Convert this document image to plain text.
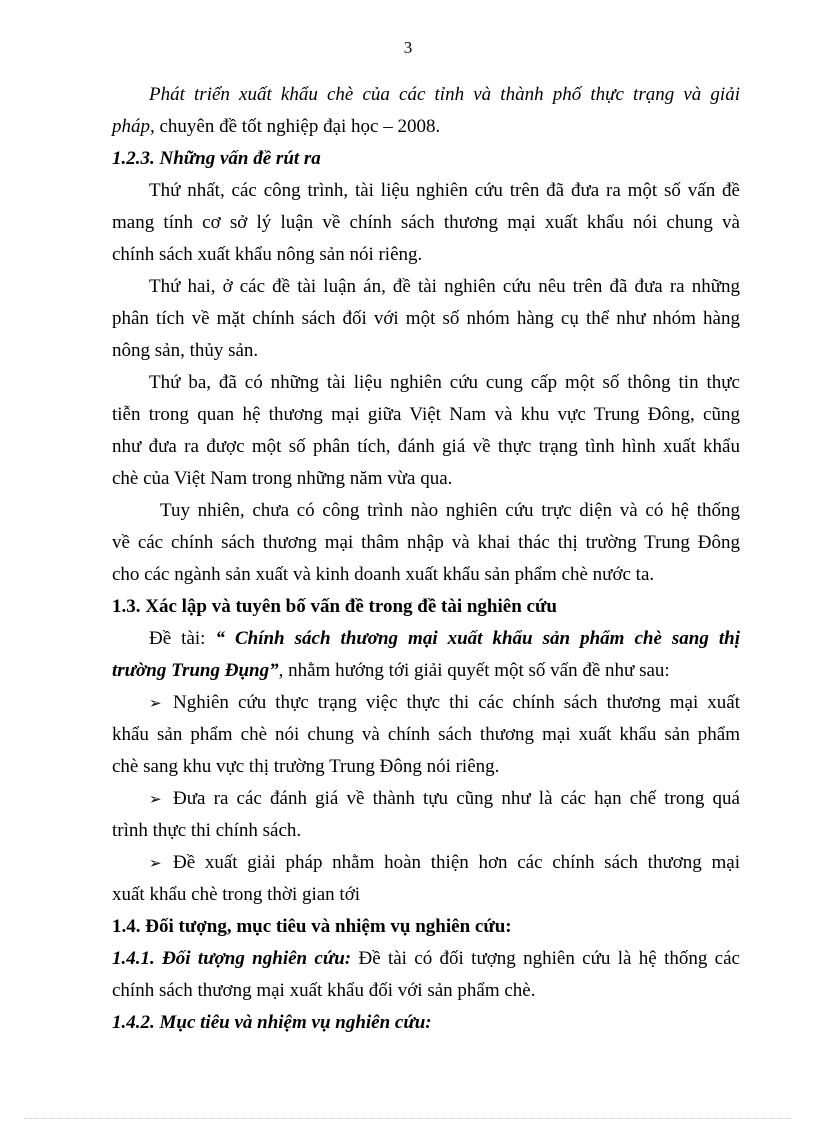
3
Phát triển xuất khẩu chè của các tỉnh và thành phố thực trạng và giải
pháp, chuyên đề tốt nghiệp đại học – 2008.
1.2.3. Những vấn đề rút ra
Thứ nhất, các công trình, tài liệu nghiên cứu trên đã đưa ra một số vấn đề
mang tính cơ sở lý luận về chính sách thương mại xuất khẩu nói chung và
chính sách xuất khẩu nông sản nói riêng.
Thứ hai, ở các đề tài luận án, đề tài nghiên cứu nêu trên đã đưa ra những
phân tích về mặt chính sách đối với một số nhóm hàng cụ thể như nhóm hàng
nông sản, thủy sản.
Thứ ba, đã có những tài liệu nghiên cứu cung cấp một số thông tin thực
tiễn trong quan hệ thương mại giữa Việt Nam và khu vực Trung Đông, cũng
như đưa ra được một số phân tích, đánh giá về thực trạng tình hình xuất khẩu
chè của Việt Nam trong những năm vừa qua.
Tuy nhiên, chưa có công trình nào nghiên cứu trực diện và có hệ thống
về các chính sách thương mại thâm nhập và khai thác thị trường Trung Đông
cho các ngành sản xuất và kinh doanh xuất khẩu sản phẩm chè nước ta.
1.3. Xác lập và tuyên bố vấn đề trong đề tài nghiên cứu
Đề tài: “ Chính sách thương mại xuất khẩu sản phẩm chè sang thị
trường Trung Đụng”, nhằm hướng tới giải quyết một số vấn đề như sau:
➢ Nghiên cứu thực trạng việc thực thi các chính sách thương mại xuất
khẩu sản phẩm chè nói chung và chính sách thương mại xuất khẩu sản phẩm
chè sang khu vực thị trường Trung Đông nói riêng.
➢ Đưa ra các đánh giá về thành tựu cũng như là các hạn chế trong quá
trình thực thi chính sách.
➢ Đề xuất giải pháp nhằm hoàn thiện hơn các chính sách thương mại
xuất khẩu chè trong thời gian tới
1.4. Đối tượng, mục tiêu và nhiệm vụ nghiên cứu:
1.4.1. Đối tượng nghiên cứu: Đề tài có đối tượng nghiên cứu là hệ thống các
chính sách thương mại xuất khẩu đối với sản phẩm chè.
1.4.2. Mục tiêu và nhiệm vụ nghiên cứu:
